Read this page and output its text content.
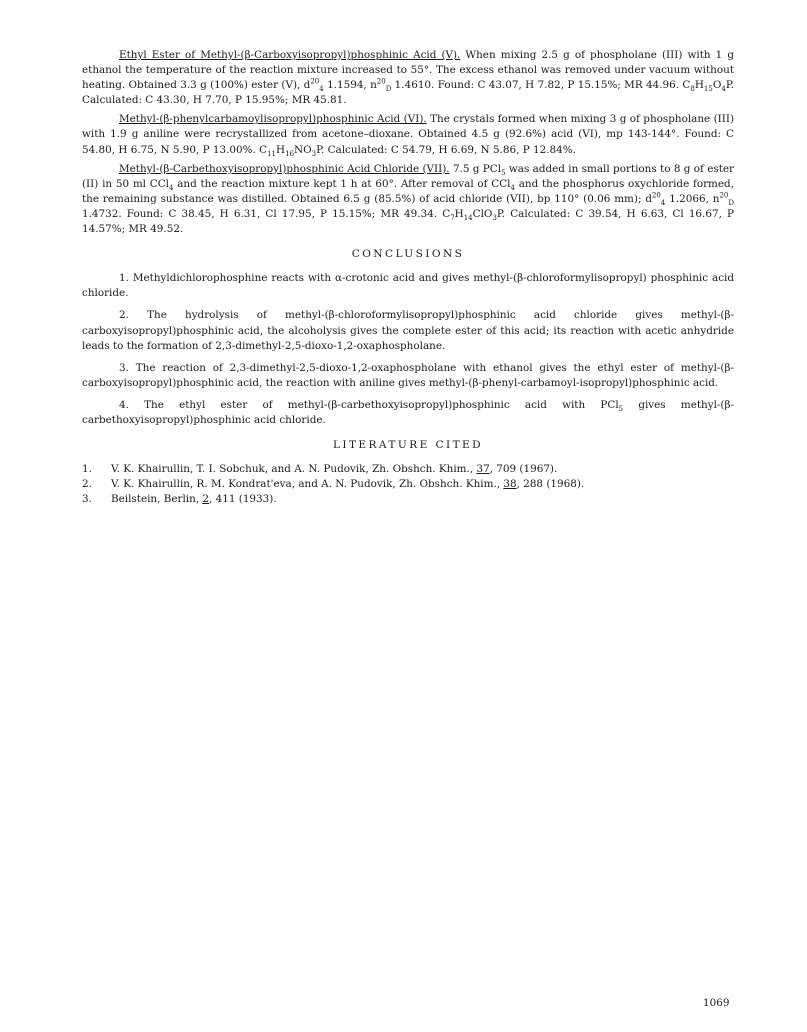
Ethyl Ester of Methyl-(β-Carboxyisopropyl)phosphinic Acid (V). When mixing 2.5 g of phospholane (III) with 1 g ethanol the temperature of the reaction mixture increased to 55°. The excess ethanol was removed under vacuum without heating. Obtained 3.3 g (100%) ester (V), $d^{20}_4$ 1.1594, $n^{20}_D$ 1.4610. Found: C 43.07, H 7.82, P 15.15%; MR 44.96. $C_8H_{15}O_4P$. Calculated: C 43.30, H 7.70, P 15.95%; MR 45.81.

Methyl-(β-phenylcarbamoylisopropyl)phosphinic Acid (VI). The crystals formed when mixing 3 g of phospholane (III) with 1.9 g aniline were recrystallized from acetone–dioxane. Obtained 4.5 g (92.6%) acid (VI), mp 143-144°. Found: C 54.80, H 6.75, N 5.90, P 13.00%. $C_{11}H_{16}NO_3P$. Calculated: C 54.79, H 6.69, N 5.86, P 12.84%.

Methyl-(β-Carbethoxyisopropyl)phosphinic Acid Chloride (VII). 7.5 g PCl$_5$ was added in small portions to 8 g of ester (II) in 50 ml CCl$_4$ and the reaction mixture kept 1 h at 60°. After removal of CCl$_4$ and the phosphorus oxychloride formed, the remaining substance was distilled. Obtained 6.5 g (85.5%) of acid chloride (VII), bp 110° (0.06 mm); $d^{20}_4$ 1.2066, $n^{20}_D$ 1.4732. Found: C 38.45, H 6.31, Cl 17.95, P 15.15%; MR 49.34. $C_7H_{14}ClO_3P$. Calculated: C 39.54, H 6.63, Cl 16.67, P 14.57%; MR 49.52.

CONCLUSIONS

1. Methyldichlorophosphine reacts with α-crotonic acid and gives methyl-(β-chloroformylisopropyl) phosphinic acid chloride.

2. The hydrolysis of methyl-(β-chloroformylisopropyl)phosphinic acid chloride gives methyl-(β-carboxyisopropyl)phosphinic acid, the alcoholysis gives the complete ester of this acid; its reaction with acetic anhydride leads to the formation of 2,3-dimethyl-2,5-dioxo-1,2-oxaphospholane.

3. The reaction of 2,3-dimethyl-2,5-dioxo-1,2-oxaphospholane with ethanol gives the ethyl ester of methyl-(β-carboxyisopropyl)phosphinic acid, the reaction with aniline gives methyl-(β-phenyl-carbamoyl-isopropyl)phosphinic acid.

4. The ethyl ester of methyl-(β-carbethoxyisopropyl)phosphinic acid with PCl$_5$ gives methyl-(β-carbethoxyisopropyl)phosphinic acid chloride.

LITERATURE CITED
1.	V. K. Khairullin, T. I. Sobchuk, and A. N. Pudovik, Zh. Obshch. Khim., 37, 709 (1967).
2.	V. K. Khairullin, R. M. Kondrat'eva, and A. N. Pudovik, Zh. Obshch. Khim., 38, 288 (1968).
3.	Beilstein, Berlin, 2, 411 (1933).
1069
